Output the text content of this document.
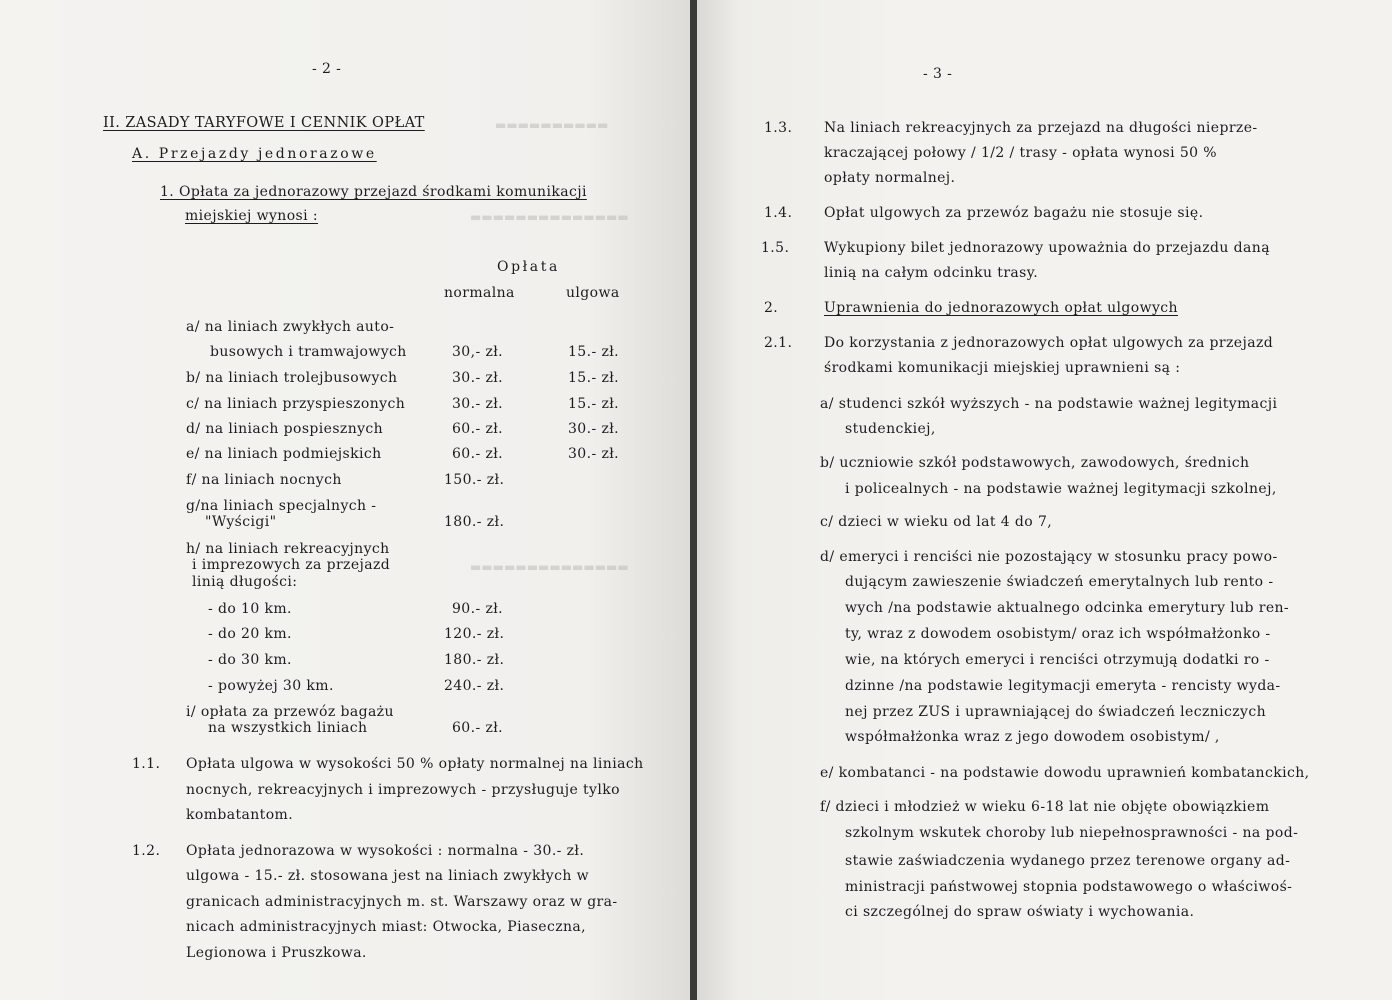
▬▬▬▬▬▬▬▬▬▬
▬▬▬▬▬▬▬▬▬▬▬▬▬▬
▬▬▬▬▬▬▬▬▬▬▬▬▬▬
- 2 -
II. ZASADY TARYFOWE I CENNIK OPŁAT
A. Przejazdy jednorazowe
1. Opłata za jednorazowy przejazd środkami komunikacji
miejskiej wynosi :
Opłata
normalna	ulgowa
a/ na liniach zwykłych auto-
busowych i tramwajowych	30,- zł.	15.- zł.
b/ na liniach trolejbusowych	30.- zł.	15.- zł.
c/ na liniach przyspieszonych	30.- zł.	15.- zł.
d/ na liniach pospiesznych	60.- zł.	30.- zł.
e/ na liniach podmiejskich	60.- zł.	30.- zł.
f/ na liniach nocnych	150.- zł.
g/na liniach specjalnych -
"Wyścigi"	180.- zł.
h/ na liniach rekreacyjnych
i imprezowych za przejazd
linią długości:
- do 10 km.	90.- zł.
- do 20 km.	120.- zł.
- do 30 km.	180.- zł.
- powyżej 30 km.	240.- zł.
i/ opłata za przewóz bagażu
na wszystkich liniach	60.- zł.
1.1. Opłata ulgowa w wysokości 50 % opłaty normalnej na liniach
nocnych, rekreacyjnych i imprezowych - przysługuje tylko
kombatantom.
1.2. Opłata jednorazowa w wysokości : normalna - 30.- zł.
ulgowa - 15.- zł. stosowana jest na liniach zwykłych w
granicach administracyjnych m. st. Warszawy oraz w gra-
nicach administracyjnych miast: Otwocka, Piaseczna,
Legionowa i Pruszkowa.
- 3 -
1.3. Na liniach rekreacyjnych za przejazd na długości nieprze-
kraczającej połowy / 1/2 / trasy - opłata wynosi 50 %
opłaty normalnej.
1.4. Opłat ulgowych za przewóz bagażu nie stosuje się.
1.5. Wykupiony bilet jednorazowy upoważnia do przejazdu daną
linią na całym odcinku trasy.
2.	Uprawnienia do jednorazowych opłat ulgowych
2.1. Do korzystania z jednorazowych opłat ulgowych za przejazd
środkami komunikacji miejskiej uprawnieni są :
a/ studenci szkół wyższych - na podstawie ważnej legitymacji
studenckiej,
b/ uczniowie szkół podstawowych, zawodowych, średnich
i policealnych - na podstawie ważnej legitymacji szkolnej,
c/ dzieci w wieku od lat 4 do 7,
d/ emeryci i renciści nie pozostający w stosunku pracy powo-
dującym zawieszenie świadczeń emerytalnych lub rento -
wych /na podstawie aktualnego odcinka emerytury lub ren-
ty, wraz z dowodem osobistym/ oraz ich współmałżonko -
wie, na których emeryci i renciści otrzymują dodatki ro -
dzinne /na podstawie legitymacji emeryta - rencisty wyda-
nej przez ZUS i uprawniającej do świadczeń leczniczych
współmałżonka wraz z jego dowodem osobistym/ ,
e/ kombatanci - na podstawie dowodu uprawnień kombatanckich,
f/ dzieci i młodzież w wieku 6-18 lat nie objęte obowiązkiem
szkolnym wskutek choroby lub niepełnosprawności - na pod-
stawie zaświadczenia wydanego przez terenowe organy ad-
ministracji państwowej stopnia podstawowego o właściwoś-
ci szczególnej do spraw oświaty i wychowania.
